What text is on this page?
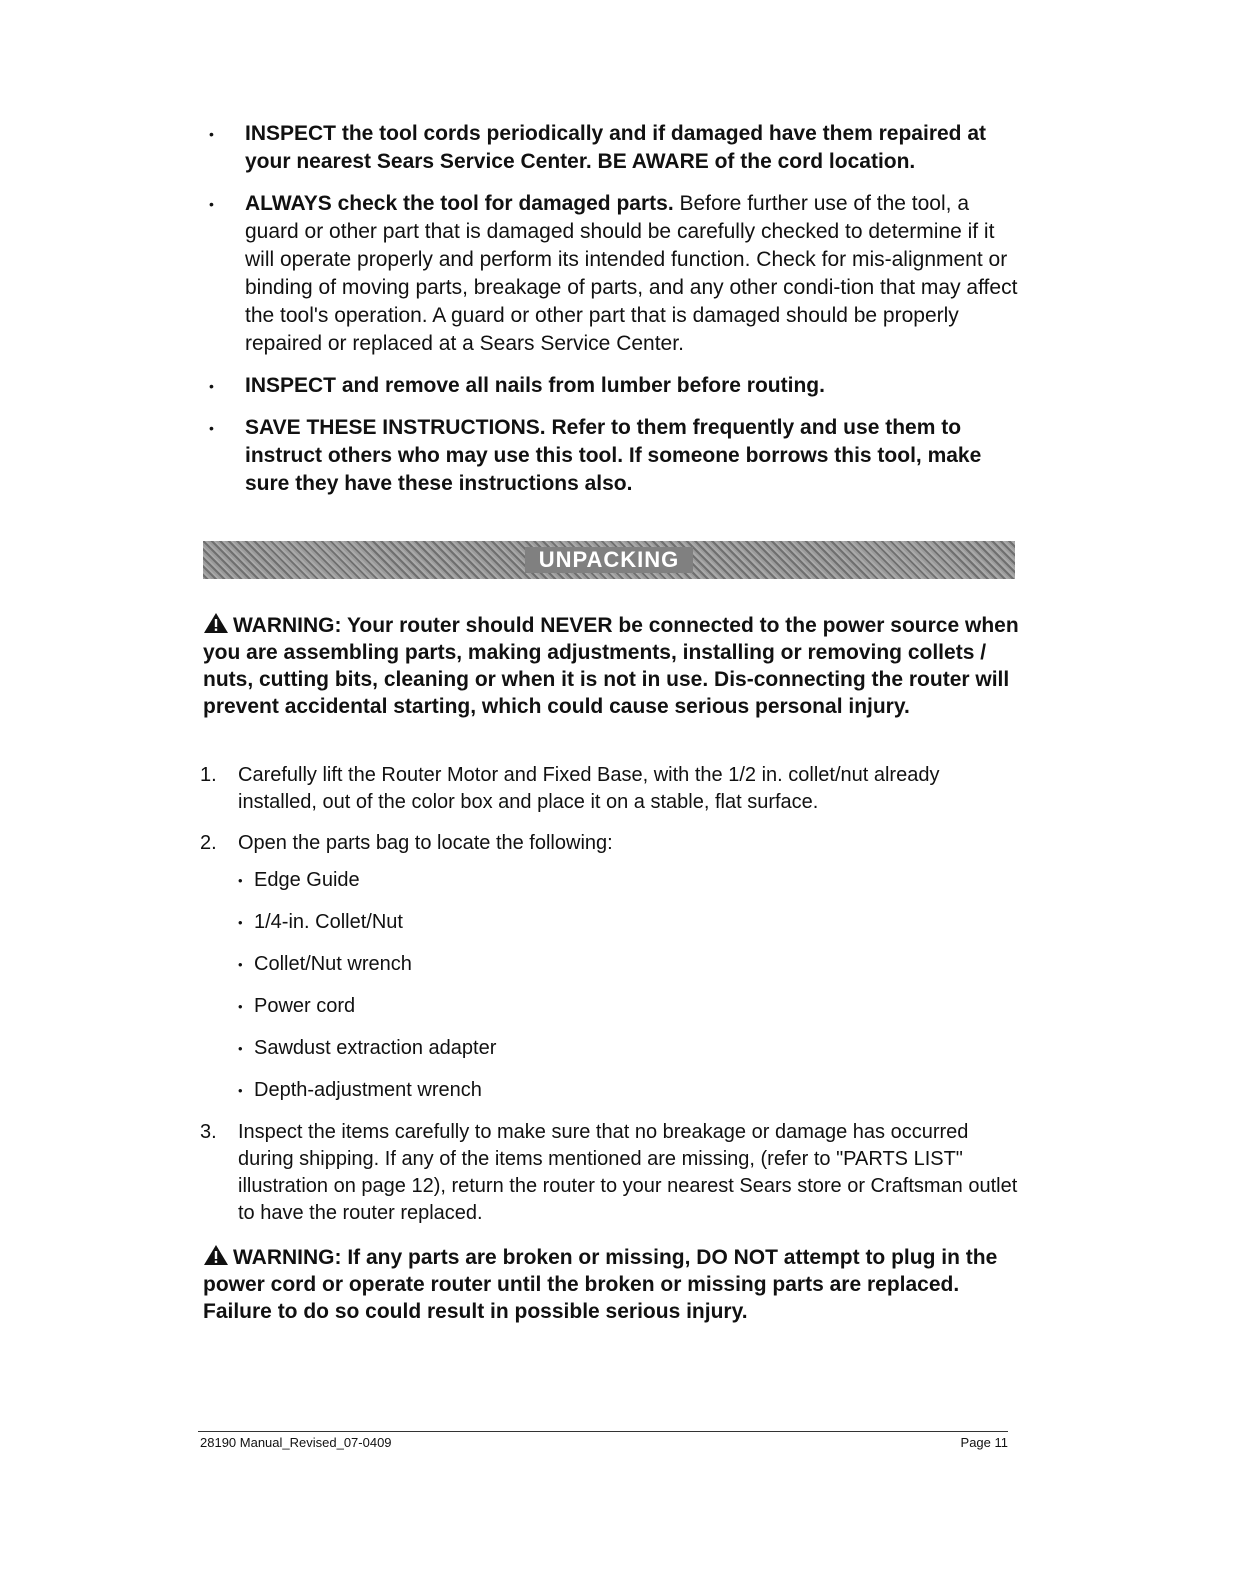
• INSPECT the tool cords periodically and if damaged have them repaired at your nearest Sears Service Center. BE AWARE of the cord location.
• ALWAYS check the tool for damaged parts. Before further use of the tool, a guard or other part that is damaged should be carefully checked to determine if it will operate properly and perform its intended function. Check for mis-alignment or binding of moving parts, breakage of parts, and any other condi-tion that may affect the tool's operation. A guard or other part that is damaged should be properly repaired or replaced at a Sears Service Center.
• INSPECT and remove all nails from lumber before routing.
• SAVE THESE INSTRUCTIONS. Refer to them frequently and use them to instruct others who may use this tool. If someone borrows this tool, make sure they have these instructions also.
UNPACKING
WARNING: Your router should NEVER be connected to the power source when you are assembling parts, making adjustments, installing or removing collets / nuts, cutting bits, cleaning or when it is not in use. Dis-connecting the router will prevent accidental starting, which could cause serious personal injury.
1. Carefully lift the Router Motor and Fixed Base, with the 1/2 in. collet/nut already installed, out of the color box and place it on a stable, flat surface.
2. Open the parts bag to locate the following:
• Edge Guide
• 1/4-in. Collet/Nut
• Collet/Nut wrench
• Power cord
• Sawdust extraction adapter
• Depth-adjustment wrench
3. Inspect the items carefully to make sure that no breakage or damage has occurred during shipping. If any of the items mentioned are missing, (refer to "PARTS LIST" illustration on page 12), return the router to your nearest Sears store or Craftsman outlet to have the router replaced.
WARNING: If any parts are broken or missing, DO NOT attempt to plug in the power cord or operate router until the broken or missing parts are replaced. Failure to do so could result in possible serious injury.
28190 Manual_Revised_07-0409	Page 11
